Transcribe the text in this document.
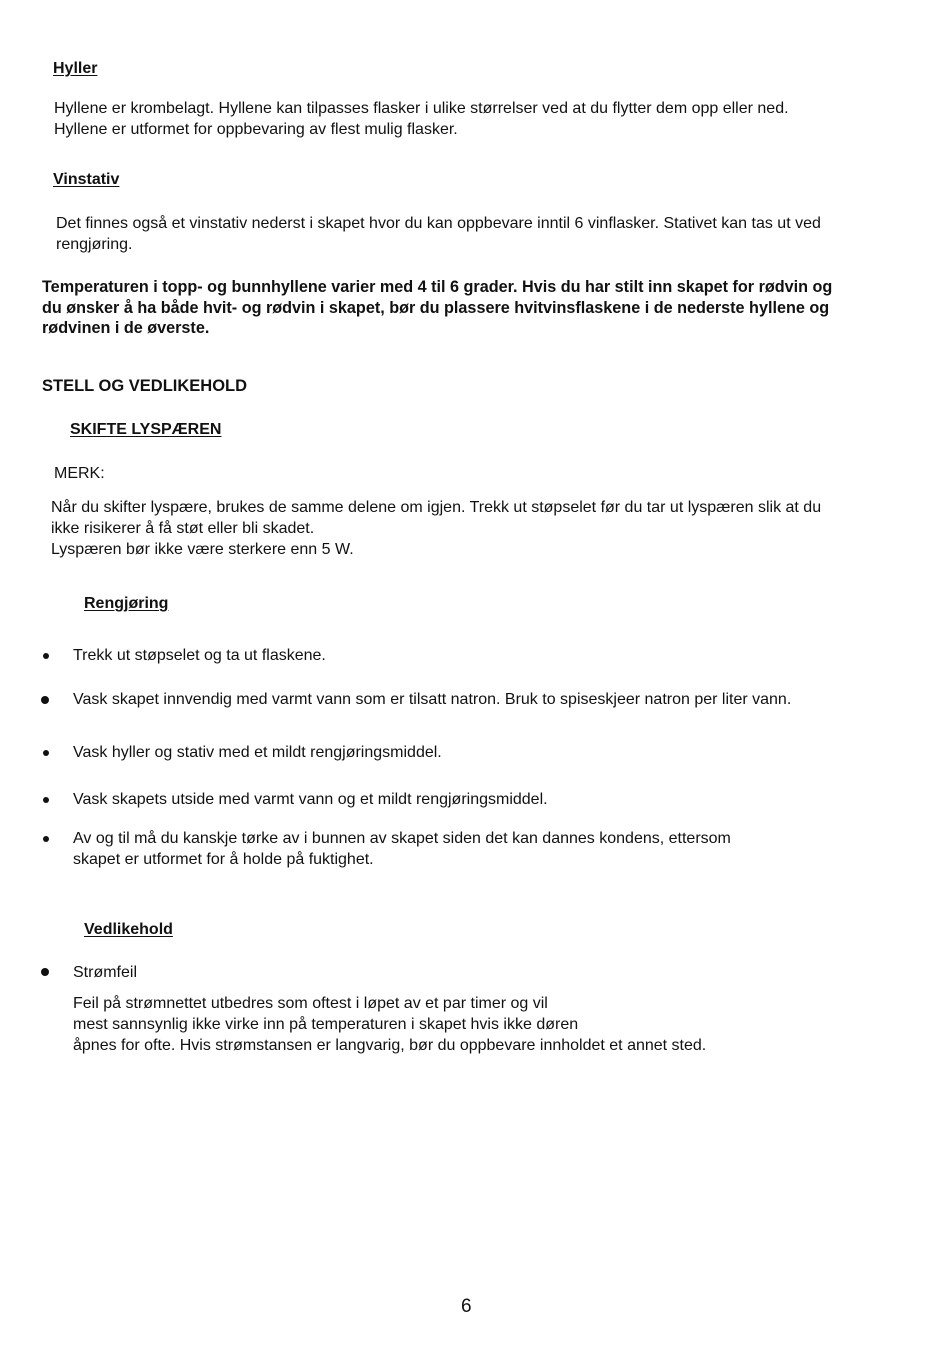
Hyller

Hyllene er krombelagt. Hyllene kan tilpasses flasker i ulike størrelser ved at du flytter dem opp eller ned.

Hyllene er utformet for oppbevaring av flest mulig flasker.

Vinstativ

Det finnes også et vinstativ nederst i skapet hvor du kan oppbevare inntil 6 vinflasker. Stativet kan tas ut ved

rengjøring.

Temperaturen i topp- og bunnhyllene varier med 4 til 6 grader. Hvis du har stilt inn skapet for rødvin og

du ønsker å ha både hvit- og rødvin i skapet, bør du plassere hvitvinsflaskene i de nederste hyllene og

rødvinen i de øverste.

STELL OG VEDLIKEHOLD
SKIFTE LYSPÆREN
MERK:

Når du skifter lyspære, brukes de samme delene om igjen. Trekk ut støpselet før du tar ut lyspæren slik at du

ikke risikerer å få støt eller bli skadet.

Lyspæren bør ikke være sterkere enn 5 W.

Rengjøring

Trekk ut støpselet og ta ut flaskene.

Vask skapet innvendig med varmt vann som er tilsatt natron. Bruk to spiseskjeer natron per liter vann.

Vask hyller og stativ med et mildt rengjøringsmiddel.

Vask skapets utside med varmt vann og et mildt rengjøringsmiddel.

Av og til må du kanskje tørke av i bunnen av skapet siden det kan dannes kondens, ettersom

skapet er utformet for å holde på fuktighet.

Vedlikehold

Strømfeil

Feil på strømnettet utbedres som oftest i løpet av et par timer og vil

mest sannsynlig ikke virke inn på temperaturen i skapet hvis ikke døren

åpnes for ofte. Hvis strømstansen er langvarig, bør du oppbevare innholdet et annet sted.

6
